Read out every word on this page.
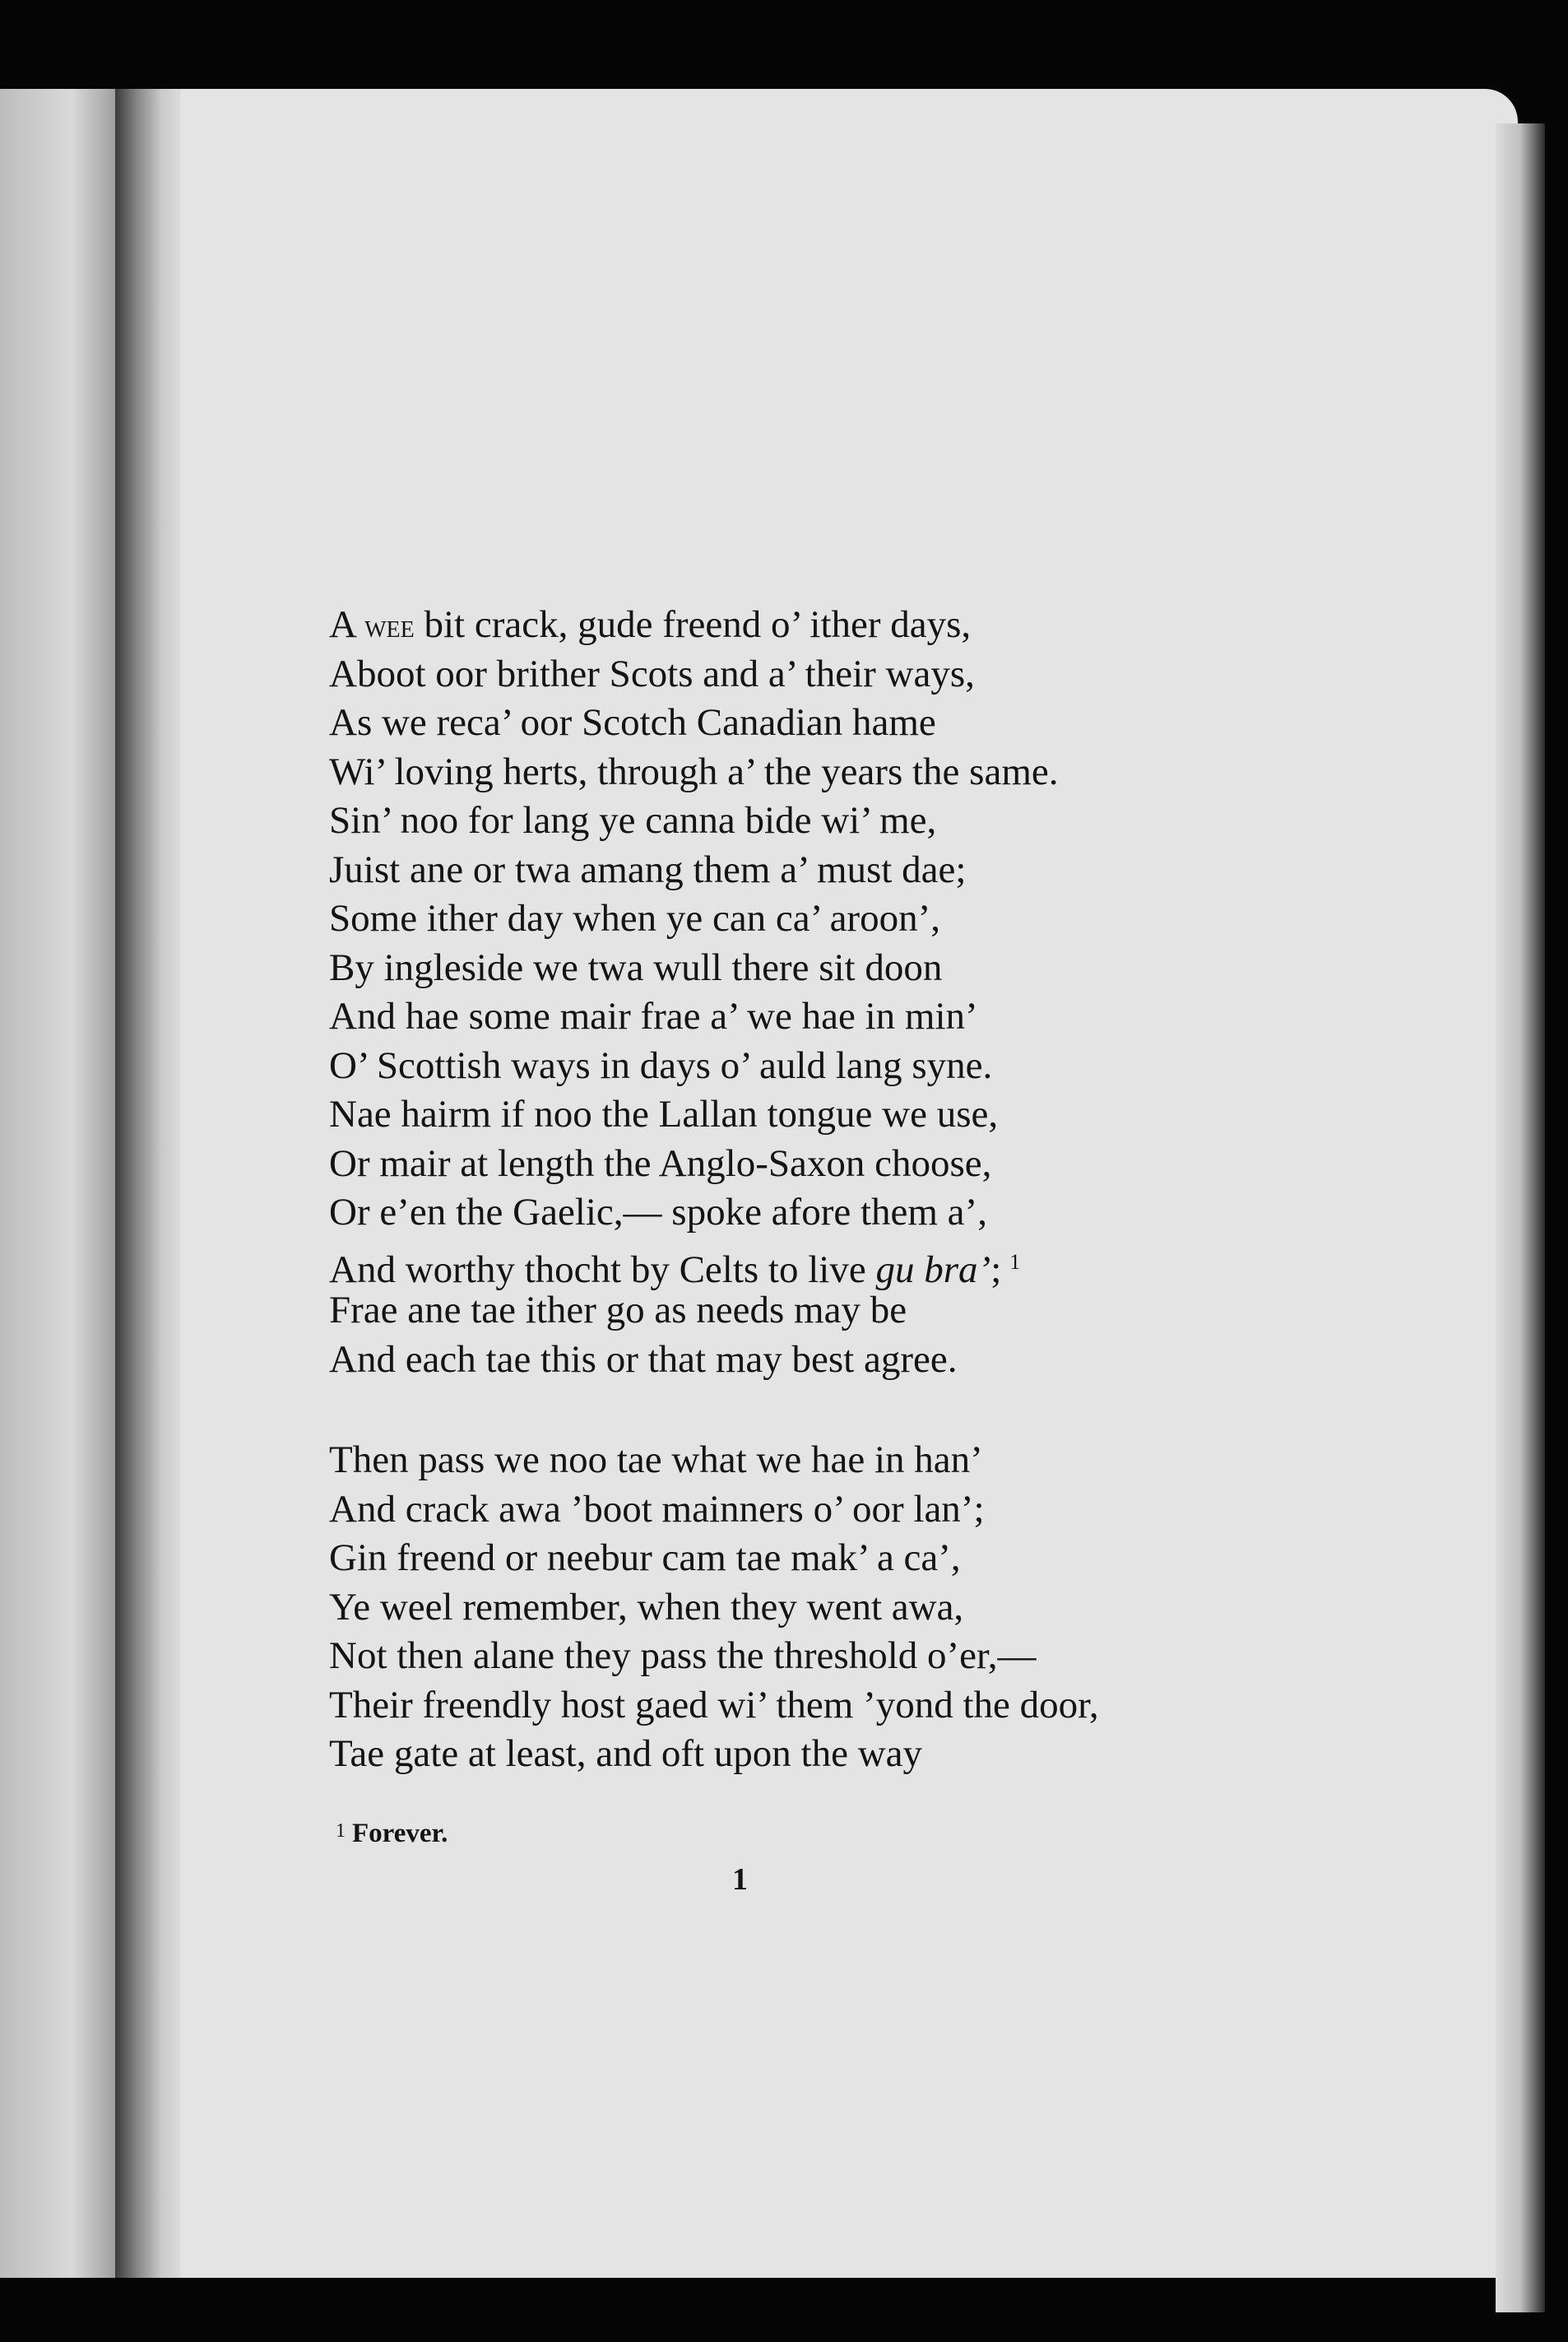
A wee bit crack, gude freend o’ ither days,
Aboot oor brither Scots and a’ their ways,
As we reca’ oor Scotch Canadian hame
Wi’ loving herts, through a’ the years the same.
Sin’ noo for lang ye canna bide wi’ me,
Juist ane or twa amang them a’ must dae;
Some ither day when ye can ca’ aroon’,
By ingleside we twa wull there sit doon
And hae some mair frae a’ we hae in min’
O’ Scottish ways in days o’ auld lang syne.
Nae hairm if noo the Lallan tongue we use,
Or mair at length the Anglo-Saxon choose,
Or e’en the Gaelic,— spoke afore them a’,
And worthy thocht by Celts to live gu bra’; $^1$
Frae ane tae ither go as needs may be
And each tae this or that may best agree.
Then pass we noo tae what we hae in han’
And crack awa ’boot mainners o’ oor lan’;
Gin freend or neebur cam tae mak’ a ca’,
Ye weel remember, when they went awa,
Not then alane they pass the threshold o’er,—
Their freendly host gaed wi’ them ’yond the door,
Tae gate at least, and oft upon the way
1 Forever.
1
